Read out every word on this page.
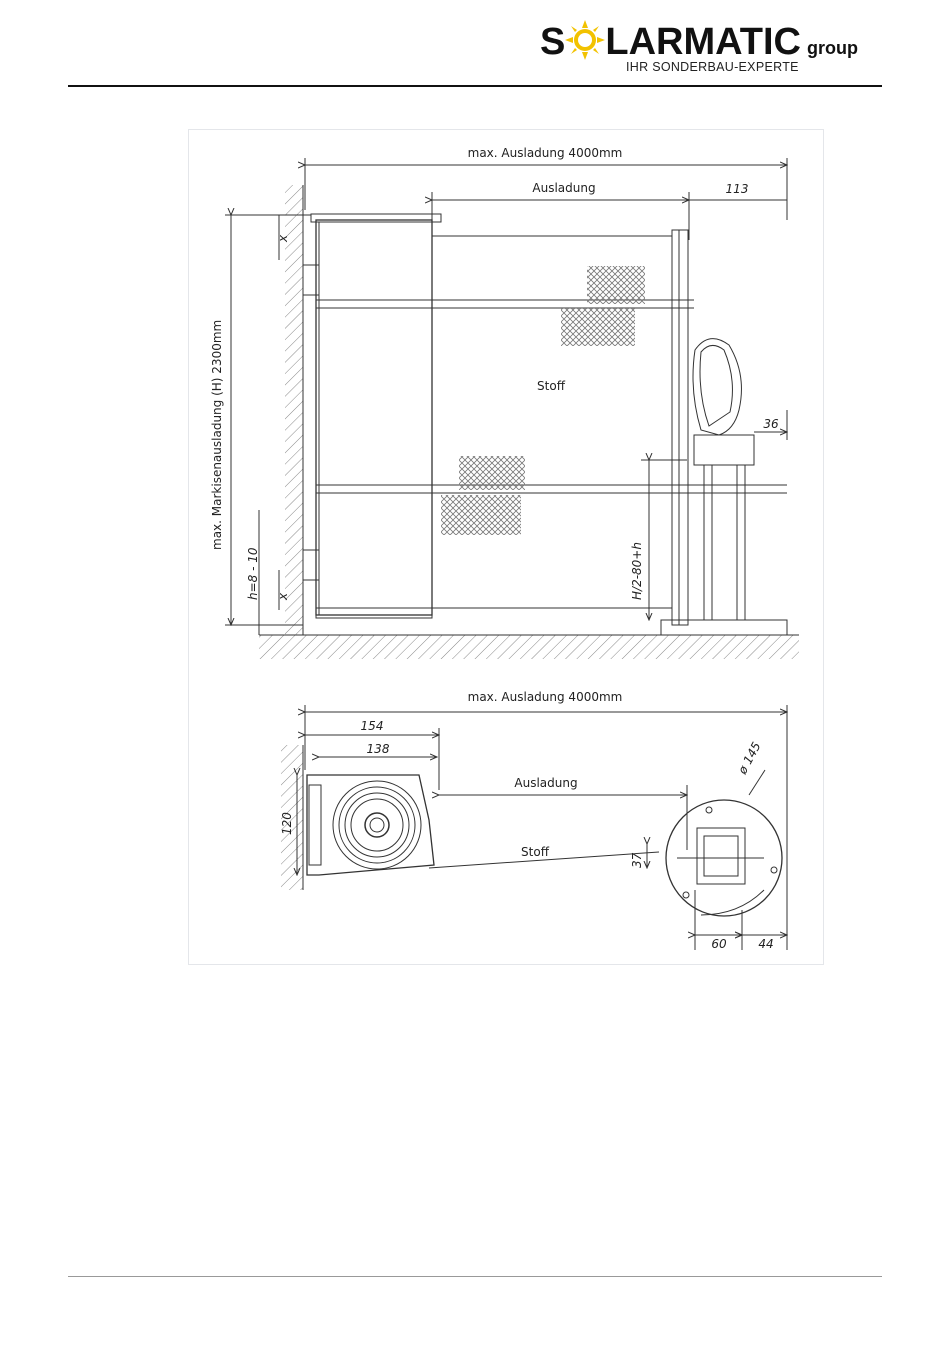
S LARMATIC group
IHR SONDERBAU-EXPERTE
max. Ausladung 4000mm
Ausladung	113
Stoff
36
max. Markisenausladung (H) 2300mm
h=8 - 10
x
x	H/2-80+h
max. Ausladung 4000mm
Ausladung
Stoff
154
138
120
37
ø 145
60	44
